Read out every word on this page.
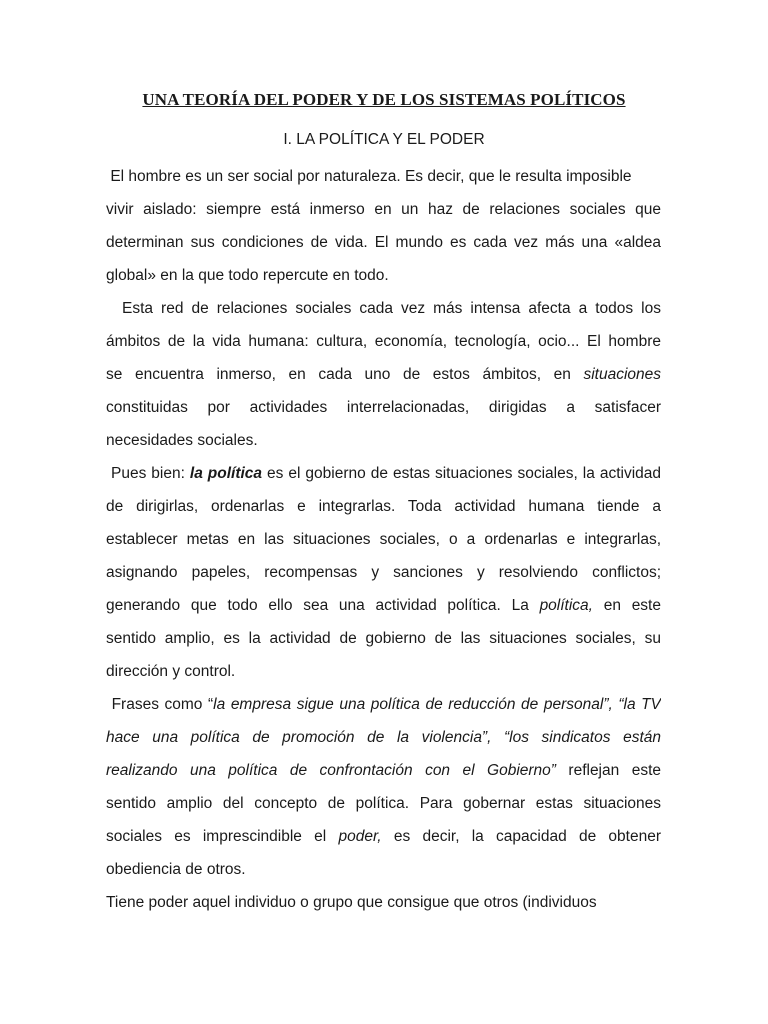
UNA TEORÍA DEL PODER Y DE LOS SISTEMAS POLÍTICOS
I. LA POLÍTICA Y EL PODER
El hombre es un ser social por naturaleza. Es decir, que le resulta imposible
vivir aislado: siempre está inmerso en un haz de relaciones sociales que
determinan sus condiciones de vida. El mundo es cada vez más una «aldea
global» en la que todo repercute en todo.
Esta red de relaciones sociales cada vez más intensa afecta a todos los
ámbitos de la vida humana: cultura, economía, tecnología, ocio... El hombre
se encuentra inmerso, en cada uno de estos ámbitos, en situaciones
constituidas por actividades interrelacionadas, dirigidas a satisfacer
necesidades sociales.
Pues bien: la política es el gobierno de estas situaciones sociales, la actividad
de dirigirlas, ordenarlas e integrarlas. Toda actividad humana tiende a
establecer metas en las situaciones sociales, o a ordenarlas e integrarlas,
asignando papeles, recompensas y sanciones y resolviendo conflictos;
generando que todo ello sea una actividad política. La política, en este
sentido amplio, es la actividad de gobierno de las situaciones sociales, su
dirección y control.
Frases como “la empresa sigue una política de reducción de personal”, “la TV
hace una política de promoción de la violencia”, “los sindicatos están
realizando una política de confrontación con el Gobierno” reflejan este
sentido amplio del concepto de política. Para gobernar estas situaciones
sociales es imprescindible el poder, es decir, la capacidad de obtener
obediencia de otros.
Tiene poder aquel individuo o grupo que consigue que otros (individuos
